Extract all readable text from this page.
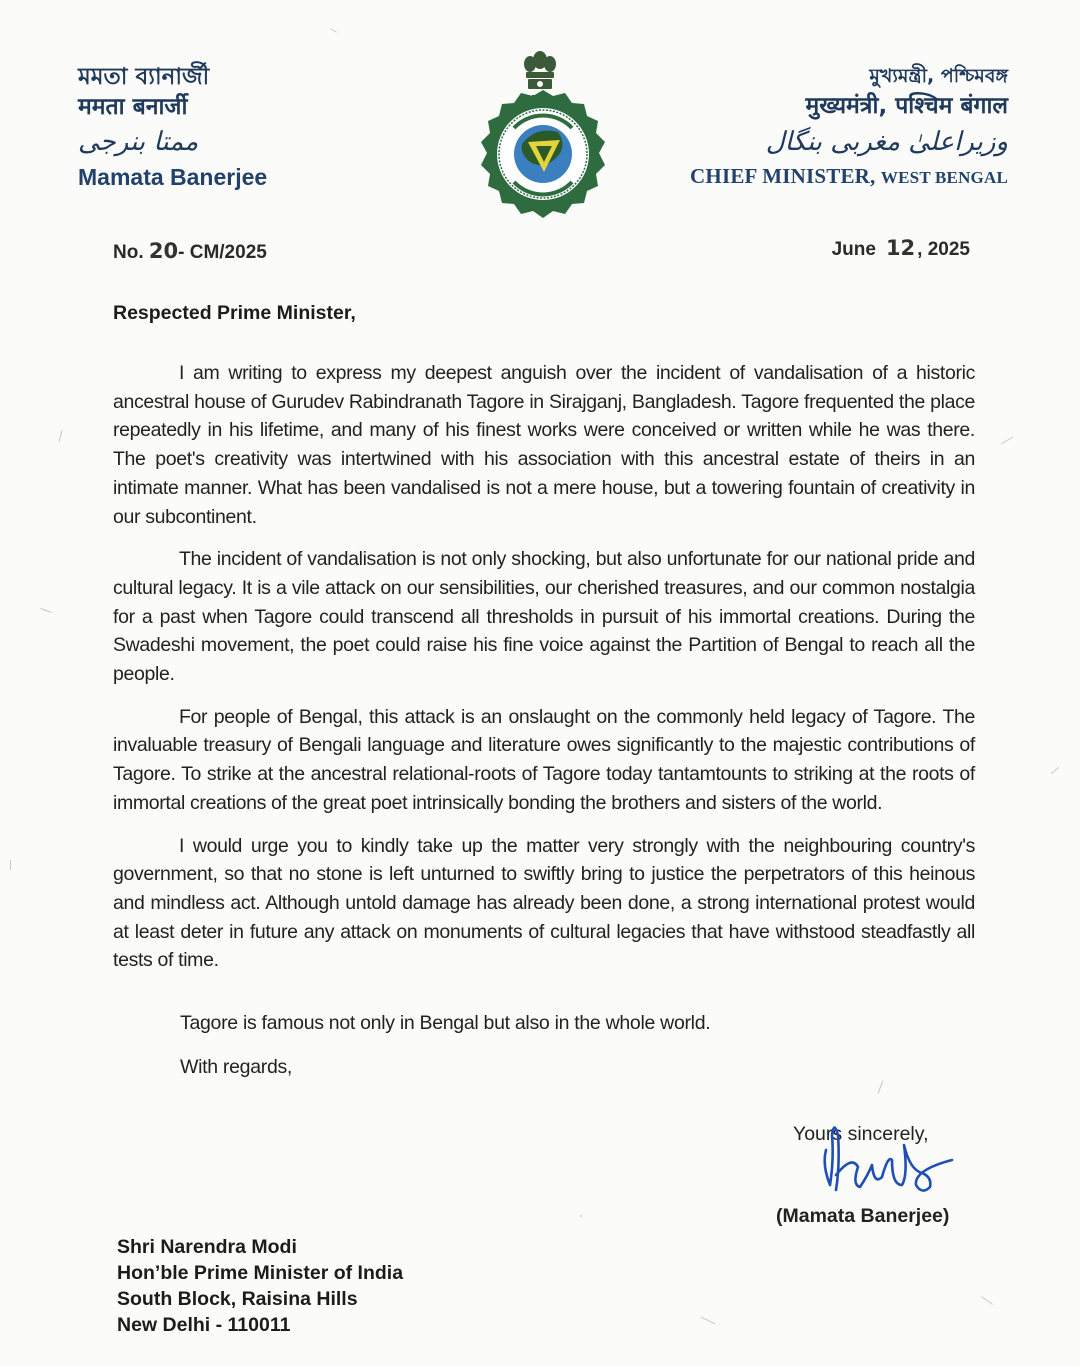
মমতা ব্যানার্জী
ममता बनार्जी
ممتا بنرجی
Mamata Banerjee
মুখ্যমন্ত্রী, পশ্চিমবঙ্গ
मुख्यमंत्री, पश्चिम बंगाल
وزیراعلیٰ مغربی بنگال
CHIEF MINISTER, WEST BENGAL
No. 20- CM/2025	June 12 , 2025
Respected Prime Minister,

I am writing to express my deepest anguish over the incident of vandalisation of a historic ancestral house of Gurudev Rabindranath Tagore in Sirajganj, Bangladesh. Tagore frequented the place repeatedly in his lifetime, and many of his finest works were conceived or written while he was there. The poet's creativity was intertwined with his association with this ancestral estate of theirs in an intimate manner. What has been vandalised is not a mere house, but a towering fountain of creativity in our subcontinent.

The incident of vandalisation is not only shocking, but also unfortunate for our national pride and cultural legacy. It is a vile attack on our sensibilities, our cherished treasures, and our common nostalgia for a past when Tagore could transcend all thresholds in pursuit of his immortal creations. During the Swadeshi movement, the poet could raise his fine voice against the Partition of Bengal to reach all the people.

For people of Bengal, this attack is an onslaught on the commonly held legacy of Tagore. The invaluable treasury of Bengali language and literature owes significantly to the majestic contributions of Tagore. To strike at the ancestral relational-roots of Tagore today tantamtounts to striking at the roots of immortal creations of the great poet intrinsically bonding the brothers and sisters of the world.

I would urge you to kindly take up the matter very strongly with the neighbouring country's government, so that no stone is left unturned to swiftly bring to justice the perpetrators of this heinous and mindless act. Although untold damage has already been done, a strong international protest would at least deter in future any attack on monuments of cultural legacies that have withstood steadfastly all tests of time.

Tagore is famous not only in Bengal but also in the whole world.
With regards,
Yours sincerely,
(Mamata Banerjee)
Shri Narendra Modi
Hon’ble Prime Minister of India
South Block, Raisina Hills
New Delhi - 110011
